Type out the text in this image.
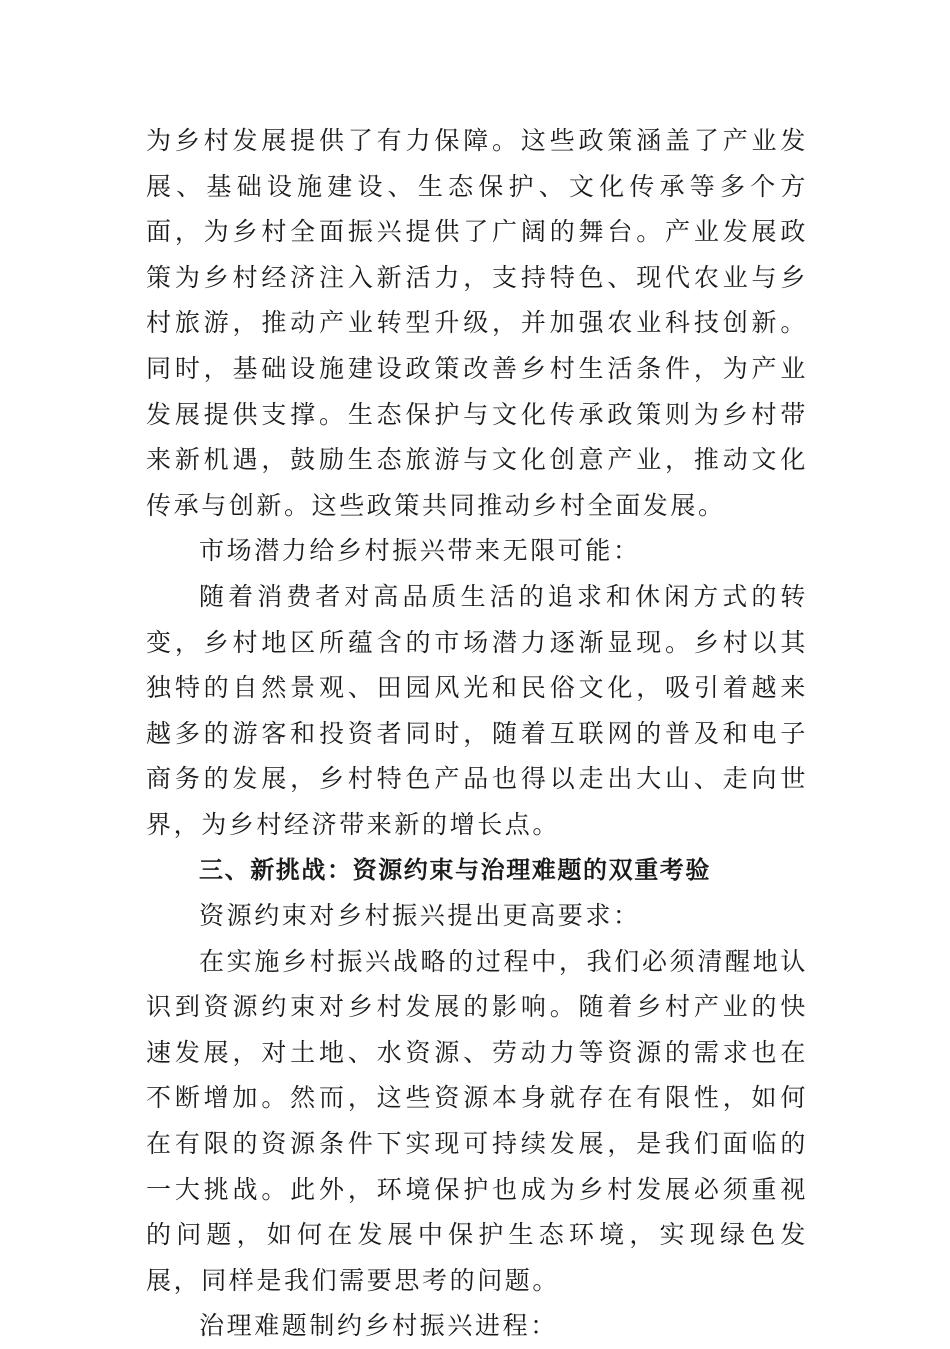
为乡村发展提供了有力保障。这些政策涵盖了产业发展、基础设施建设、生态保护、文化传承等多个方面，为乡村全面振兴提供了广阔的舞台。产业发展政策为乡村经济注入新活力，支持特色、现代农业与乡村旅游，推动产业转型升级，并加强农业科技创新。同时，基础设施建设政策改善乡村生活条件，为产业发展提供支撑。生态保护与文化传承政策则为乡村带来新机遇，鼓励生态旅游与文化创意产业，推动文化传承与创新。这些政策共同推动乡村全面发展。

市场潜力给乡村振兴带来无限可能：

随着消费者对高品质生活的追求和休闲方式的转变，乡村地区所蕴含的市场潜力逐渐显现。乡村以其独特的自然景观、田园风光和民俗文化，吸引着越来越多的游客和投资者同时，随着互联网的普及和电子商务的发展，乡村特色产品也得以走出大山、走向世界，为乡村经济带来新的增长点。

三、新挑战：资源约束与治理难题的双重考验

资源约束对乡村振兴提出更高要求：

在实施乡村振兴战略的过程中，我们必须清醒地认识到资源约束对乡村发展的影响。随着乡村产业的快速发展，对土地、水资源、劳动力等资源的需求也在不断增加。然而，这些资源本身就存在有限性，如何在有限的资源条件下实现可持续发展，是我们面临的一大挑战。此外，环境保护也成为乡村发展必须重视的问题，如何在发展中保护生态环境，实现绿色发展，同样是我们需要思考的问题。

治理难题制约乡村振兴进程：
